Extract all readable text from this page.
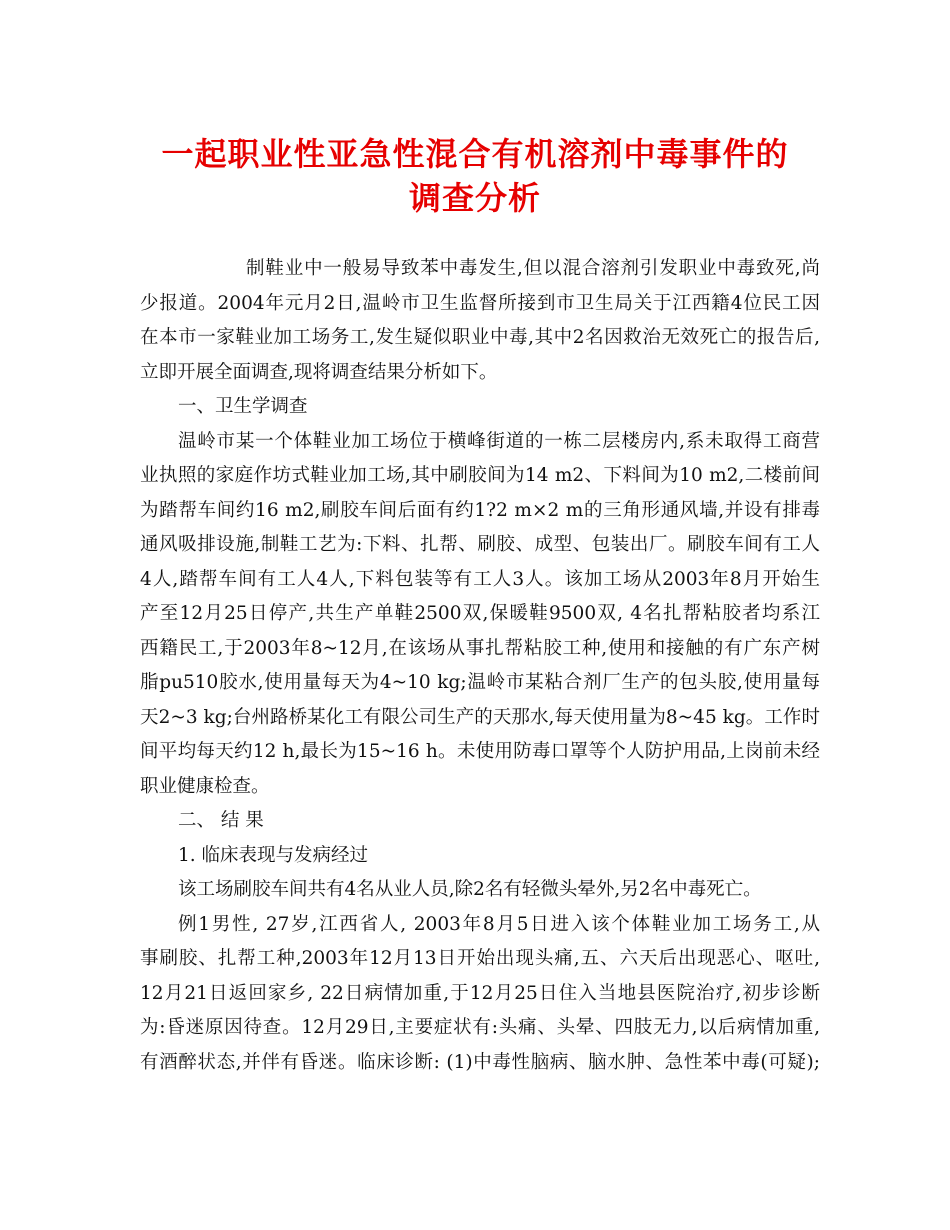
一起职业性亚急性混合有机溶剂中毒事件的
调查分析
制鞋业中一般易导致苯中毒发生,但以混合溶剂引发职业中毒致死,尚
少报道。2004年元月2日,温岭市卫生监督所接到市卫生局关于江西籍4位民工因
在本市一家鞋业加工场务工,发生疑似职业中毒,其中2名因救治无效死亡的报告后,
立即开展全面调查,现将调查结果分析如下。
一、卫生学调查
温岭市某一个体鞋业加工场位于横峰街道的一栋二层楼房内,系未取得工商营
业执照的家庭作坊式鞋业加工场,其中刷胶间为14 m2、下料间为10 m2,二楼前间
为踏帮车间约16 m2,刷胶车间后面有约1?2 m×2 m的三角形通风墙,并设有排毒
通风吸排设施,制鞋工艺为:下料、扎帮、刷胶、成型、包装出厂。刷胶车间有工人
4人,踏帮车间有工人4人,下料包装等有工人3人。该加工场从2003年8月开始生
产至12月25日停产,共生产单鞋2500双,保暖鞋9500双, 4名扎帮粘胶者均系江
西籍民工,于2003年8~12月,在该场从事扎帮粘胶工种,使用和接触的有广东产树
脂pu510胶水,使用量每天为4~10 kg;温岭市某粘合剂厂生产的包头胶,使用量每
天2~3 kg;台州路桥某化工有限公司生产的天那水,每天使用量为8~45 kg。工作时
间平均每天约12 h,最长为15~16 h。未使用防毒口罩等个人防护用品,上岗前未经
职业健康检查。
二、 结 果
1. 临床表现与发病经过
该工场刷胶车间共有4名从业人员,除2名有轻微头晕外,另2名中毒死亡。
例1男性, 27岁,江西省人, 2003年8月5日进入该个体鞋业加工场务工,从
事刷胶、扎帮工种,2003年12月13日开始出现头痛,五、六天后出现恶心、呕吐,
12月21日返回家乡, 22日病情加重,于12月25日住入当地县医院治疗,初步诊断
为:昏迷原因待查。12月29日,主要症状有:头痛、头晕、四肢无力,以后病情加重,
有酒醉状态,并伴有昏迷。临床诊断: (1)中毒性脑病、脑水肿、急性苯中毒(可疑);
